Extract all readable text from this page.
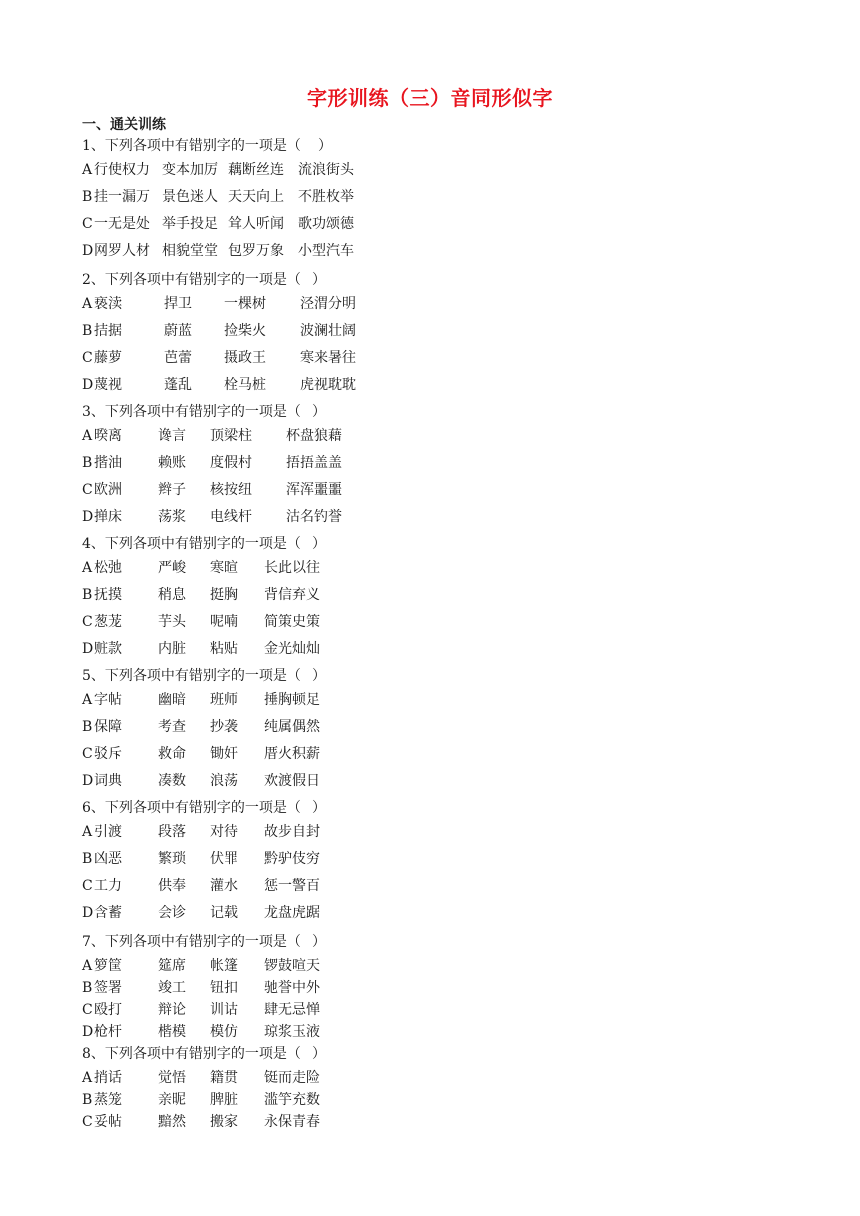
字形训练（三）音同形似字
一、通关训练
1、下列各项中有错别字的一项是（ ）
A 行使权力 变本加厉 藕断丝连 流浪街头
B 挂一漏万 景色迷人 天天向上 不胜枚举
C 一无是处 举手投足 耸人听闻 歌功颂德
D 网罗人材 相貌堂堂 包罗万象 小型汽车
2、下列各项中有错别字的一项是（ ）
A 亵渎	捍卫 一棵树 泾渭分明
B 拮据	蔚蓝 捡柴火 波澜壮阔
C 藤萝	芭蕾 摄政王 寒来暑往
D 蔑视	蓬乱 栓马桩 虎视耽耽
3、下列各项中有错别字的一项是（ ）
A 暌离	谗言 顶梁柱 杯盘狼藉
B 揩油	赖账 度假村 捂捂盖盖
C 欧洲	辫子 核按纽 浑浑噩噩
D 掸床	荡浆 电线杆 沽名钓誉
4、下列各项中有错别字的一项是（ ）
A 松弛	严峻 寒暄 长此以往
B 抚摸	稍息 挺胸 背信弃义
C 葱茏	芋头 呢喃 简策史策
D 赃款	内脏 粘贴 金光灿灿
5、下列各项中有错别字的一项是（ ）
A 字帖	幽暗 班师 捶胸顿足
B 保障	考查 抄袭 纯属偶然
C 驳斥	救命 锄奸 厝火积薪
D 词典	凑数 浪荡 欢渡假日
6、下列各项中有错别字的一项是（ ）
A 引渡	段落 对待 故步自封
B 凶恶	繁琐 伏罪 黔驴伎穷
C 工力	供奉 灌水 惩一警百
D 含蓄	会诊 记载 龙盘虎踞
7、下列各项中有错别字的一项是（ ）
A 箩筐	筵席 帐篷 锣鼓喧天
B 签署	竣工 钮扣 驰誉中外
C 殴打	辩论 训诂 肆无忌惮
D 枪杆	楷模 模仿 琼浆玉液
8、下列各项中有错别字的一项是（ ）
A 捎话	觉悟 籍贯 铤而走险
B 蒸笼	亲昵 脾脏 滥竽充数
C 妥帖	黯然 搬家 永保青春
